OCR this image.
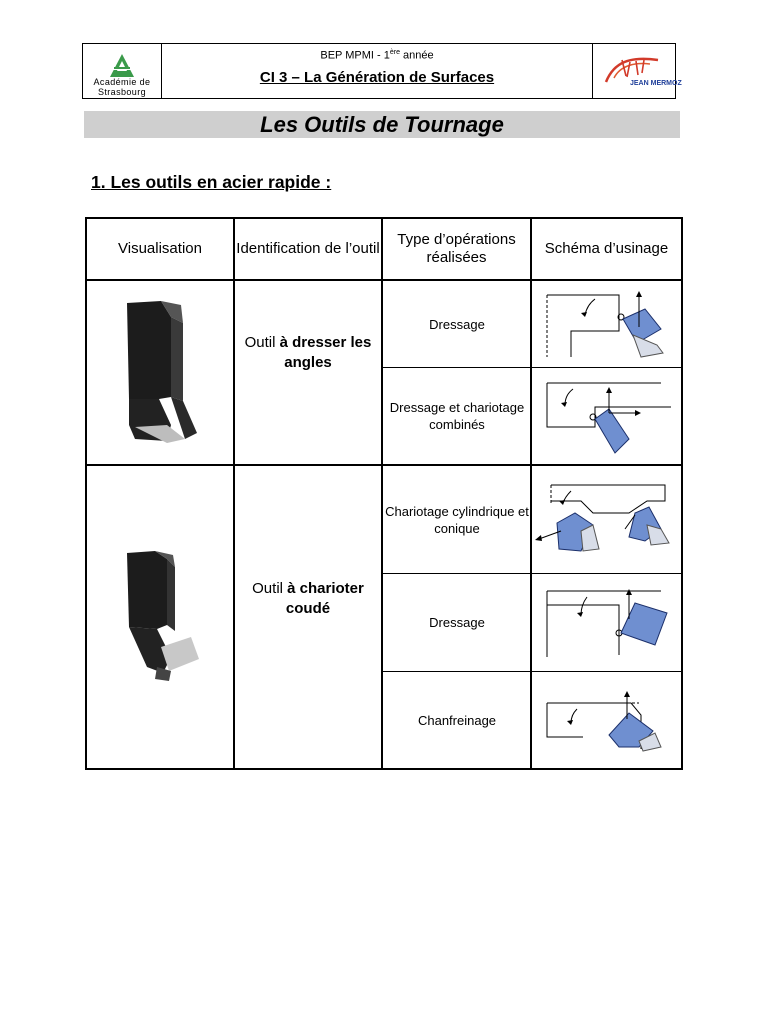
Académie de Strasbourg
BEP MPMI - 1ère année
CI 3 – La Génération de Surfaces	JEAN MERMOZ
Les Outils de Tournage
1. Les outils en acier rapide :
Visualisation	Identification de l’outil
Type d’opérations réalisées
Schéma d’usinage
Outil à dresser les angles
Dressage
Dressage et chariotage combinés
Outil à charioter coudé
Chariotage cylindrique et conique
Dressage
Chanfreinage
